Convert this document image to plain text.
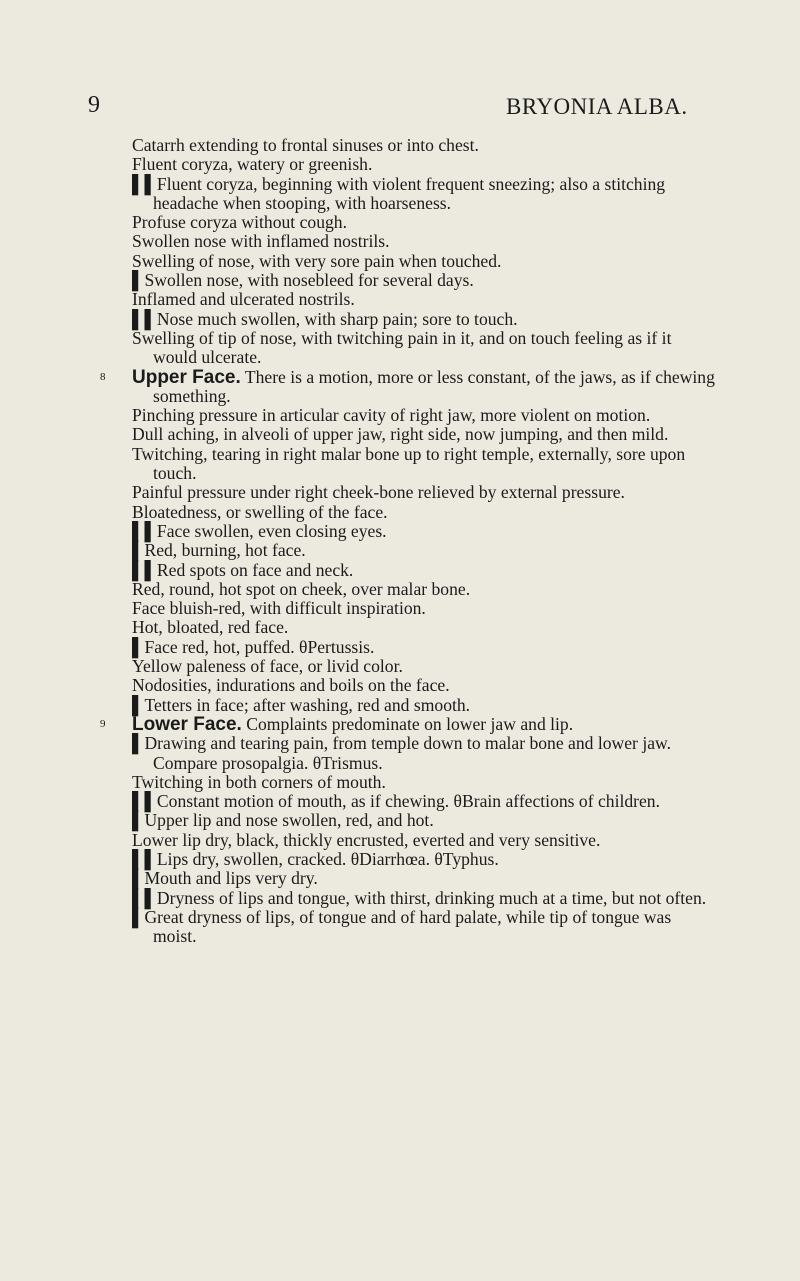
9	BRYONIA ALBA.
Catarrh extending to frontal sinuses or into chest.
Fluent coryza, watery or greenish.
▌▌Fluent coryza, beginning with violent frequent sneezing; also a stitching headache when stooping, with hoarseness.
Profuse coryza without cough.
Swollen nose with inflamed nostrils.
Swelling of nose, with very sore pain when touched.
▌Swollen nose, with nosebleed for several days.
Inflamed and ulcerated nostrils.
▌▌Nose much swollen, with sharp pain; sore to touch.
Swelling of tip of nose, with twitching pain in it, and on touch feeling as if it would ulcerate.
8	Upper Face. There is a motion, more or less constant, of the jaws, as if chewing something.
Pinching pressure in articular cavity of right jaw, more violent on motion.
Dull aching, in alveoli of upper jaw, right side, now jumping, and then mild.
Twitching, tearing in right malar bone up to right temple, externally, sore upon touch.
Painful pressure under right cheek-bone relieved by external pressure.
Bloatedness, or swelling of the face.
▌▌Face swollen, even closing eyes.
▌Red, burning, hot face.
▌▌Red spots on face and neck.
Red, round, hot spot on cheek, over malar bone.
Face bluish-red, with difficult inspiration.
Hot, bloated, red face.
▌Face red, hot, puffed. θPertussis.
Yellow paleness of face, or livid color.
Nodosities, indurations and boils on the face.
▌Tetters in face; after washing, red and smooth.
9	Lower Face. Complaints predominate on lower jaw and lip.
▌Drawing and tearing pain, from temple down to malar bone and lower jaw. Compare prosopalgia. θTrismus.
Twitching in both corners of mouth.
▌▌Constant motion of mouth, as if chewing. θBrain affections of children.
▌Upper lip and nose swollen, red, and hot.
Lower lip dry, black, thickly encrusted, everted and very sensitive.
▌▌Lips dry, swollen, cracked. θDiarrhœa. θTyphus.
▌Mouth and lips very dry.
▌▌Dryness of lips and tongue, with thirst, drinking much at a time, but not often.
▌Great dryness of lips, of tongue and of hard palate, while tip of tongue was moist.
